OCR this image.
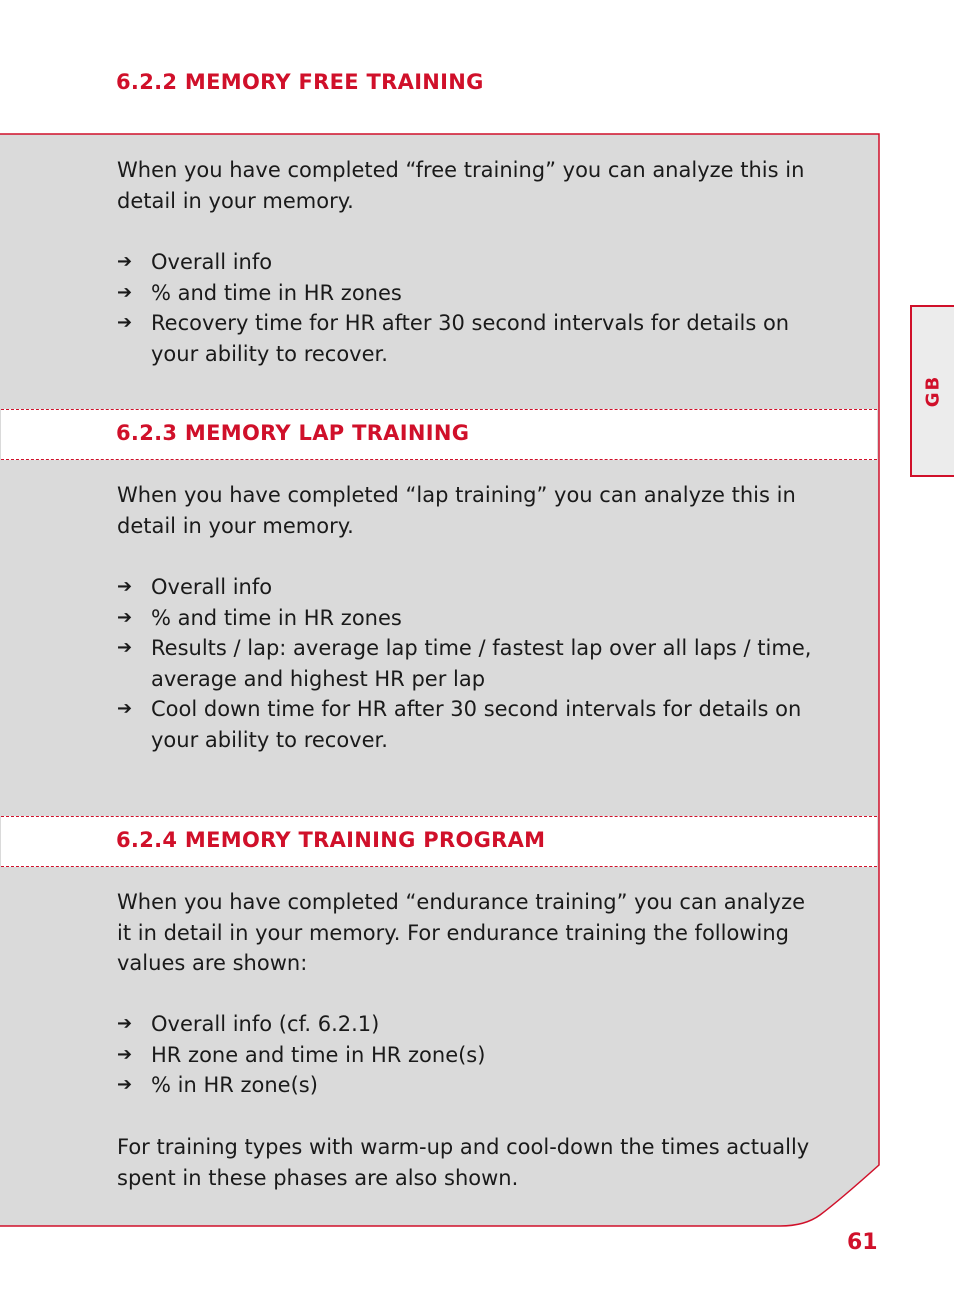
6.2.2 MEMORY FREE TRAINING

When you have completed “free training” you can analyze this in detail in your memory.

➔ Overall info
➔ % and time in HR zones
➔ Recovery time for HR after 30 second intervals for details on your ability to recover.
6.2.3 MEMORY LAP TRAINING

When you have completed “lap training” you can analyze this in detail in your memory.

➔ Overall info
➔ % and time in HR zones
➔ Results / lap: average lap time / fastest lap over all laps / time, average and highest HR per lap
➔ Cool down time for HR after 30 second intervals for details on your ability to recover.
6.2.4 MEMORY TRAINING PROGRAM

When you have completed “endurance training” you can analyze it in detail in your memory. For endurance training the following values are shown:

➔ Overall info (cf. 6.2.1)
➔ HR zone and time in HR zone(s)
➔ % in HR zone(s)

For training types with warm-up and cool-down the times actually spent in these phases are also shown.

GB
61
